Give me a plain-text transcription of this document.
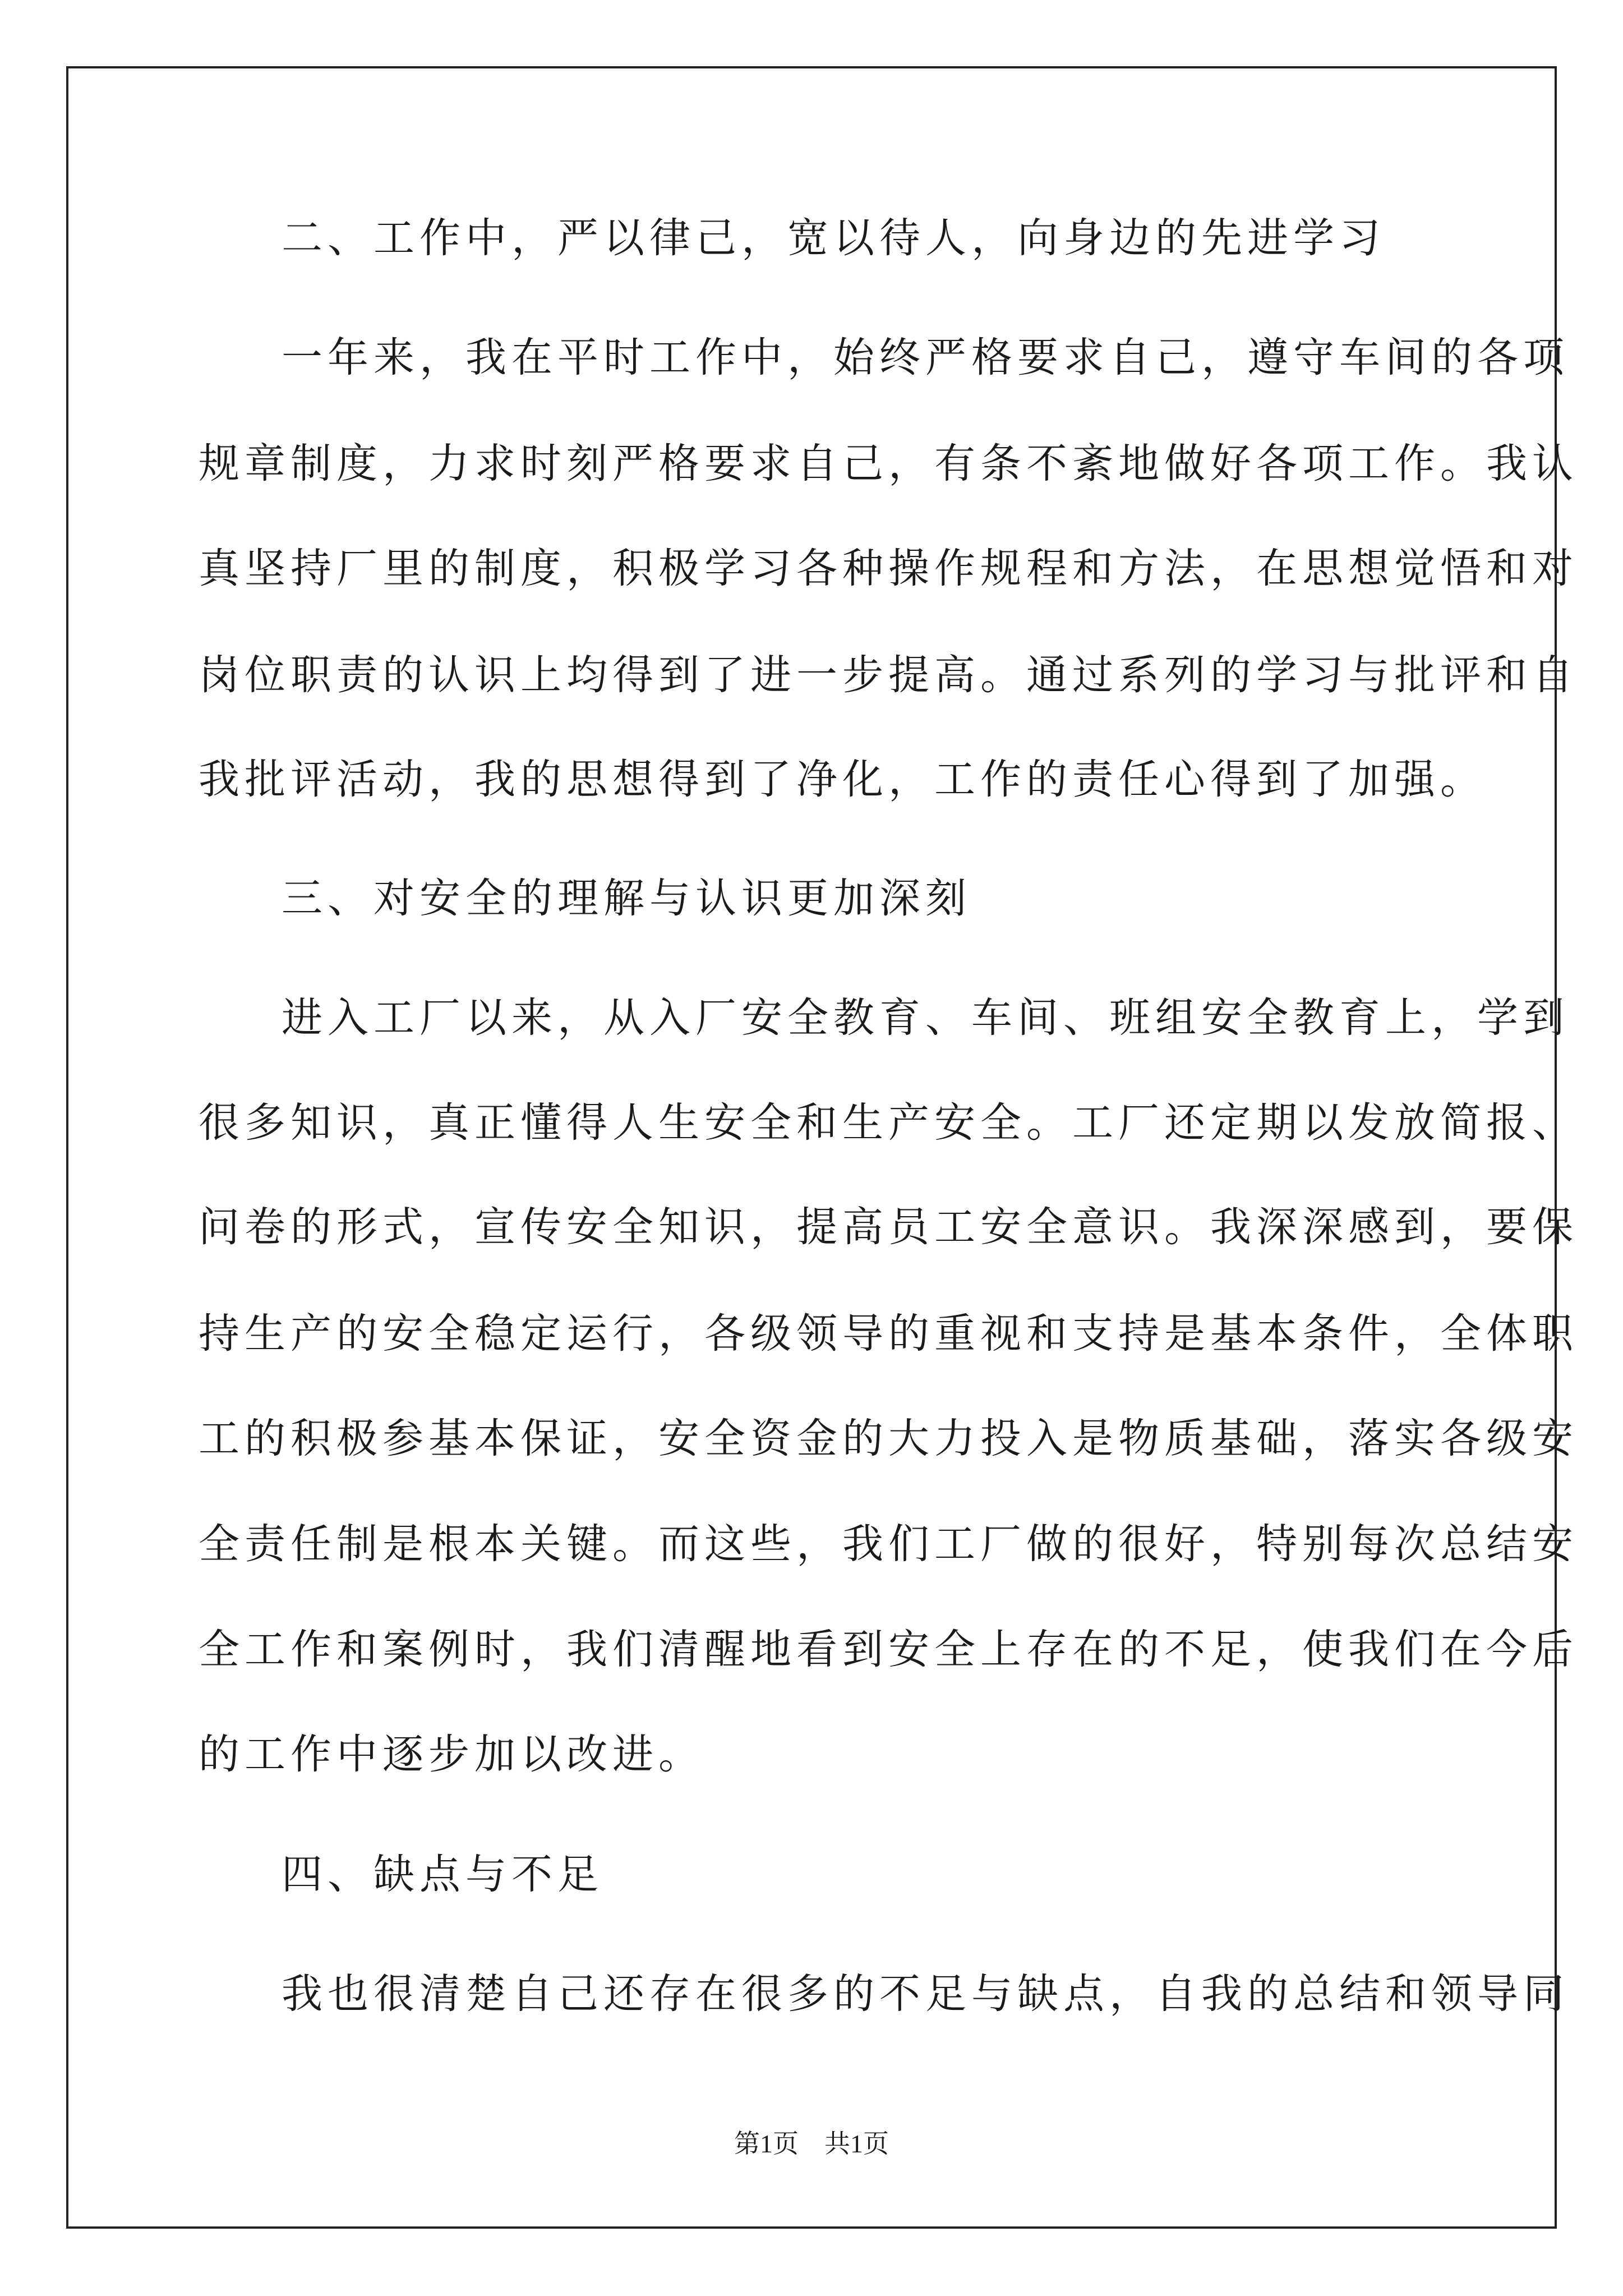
二、工作中，严以律己，宽以待人，向身边的先进学习
一年来，我在平时工作中，始终严格要求自己，遵守车间的各项
规章制度，力求时刻严格要求自己，有条不紊地做好各项工作。我认
真坚持厂里的制度，积极学习各种操作规程和方法，在思想觉悟和对
岗位职责的认识上均得到了进一步提高。通过系列的学习与批评和自
我批评活动，我的思想得到了净化，工作的责任心得到了加强。
三、对安全的理解与认识更加深刻
进入工厂以来，从入厂安全教育、车间、班组安全教育上，学到
很多知识，真正懂得人生安全和生产安全。工厂还定期以发放简报、
问卷的形式，宣传安全知识，提高员工安全意识。我深深感到，要保
持生产的安全稳定运行，各级领导的重视和支持是基本条件，全体职
工的积极参基本保证，安全资金的大力投入是物质基础，落实各级安
全责任制是根本关键。而这些，我们工厂做的很好，特别每次总结安
全工作和案例时，我们清醒地看到安全上存在的不足，使我们在今后
的工作中逐步加以改进。
四、缺点与不足
我也很清楚自己还存在很多的不足与缺点，自我的总结和领导同
第1页　共1页
